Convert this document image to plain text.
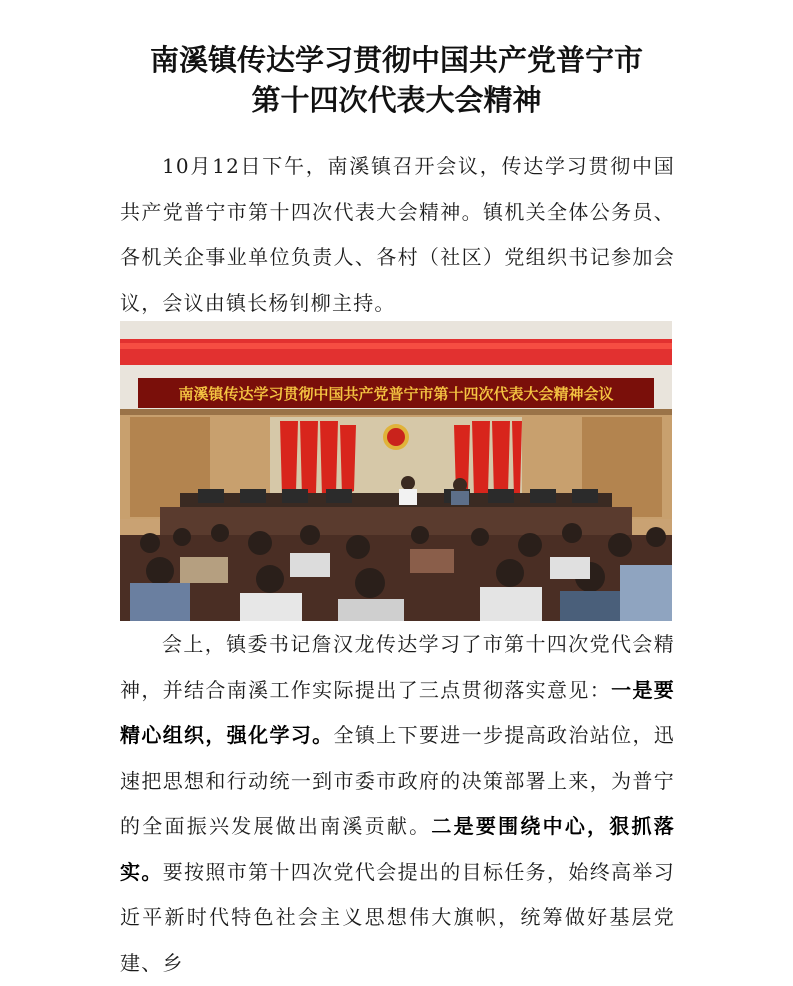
南溪镇传达学习贯彻中国共产党普宁市
第十四次代表大会精神

10月12日下午，南溪镇召开会议，传达学习贯彻中国共产党普宁市第十四次代表大会精神。镇机关全体公务员、各机关企事业单位负责人、各村（社区）党组织书记参加会议，会议由镇长杨钊柳主持。

南溪镇传达学习贯彻中国共产党普宁市第十四次代表大会精神会议

会上，镇委书记詹汉龙传达学习了市第十四次党代会精神，并结合南溪工作实际提出了三点贯彻落实意见：一是要精心组织，强化学习。全镇上下要进一步提高政治站位，迅速把思想和行动统一到市委市政府的决策部署上来，为普宁的全面振兴发展做出南溪贡献。二是要围绕中心，狠抓落实。要按照市第十四次党代会提出的目标任务，始终高举习近平新时代特色社会主义思想伟大旗帜，统筹做好基层党建、乡
